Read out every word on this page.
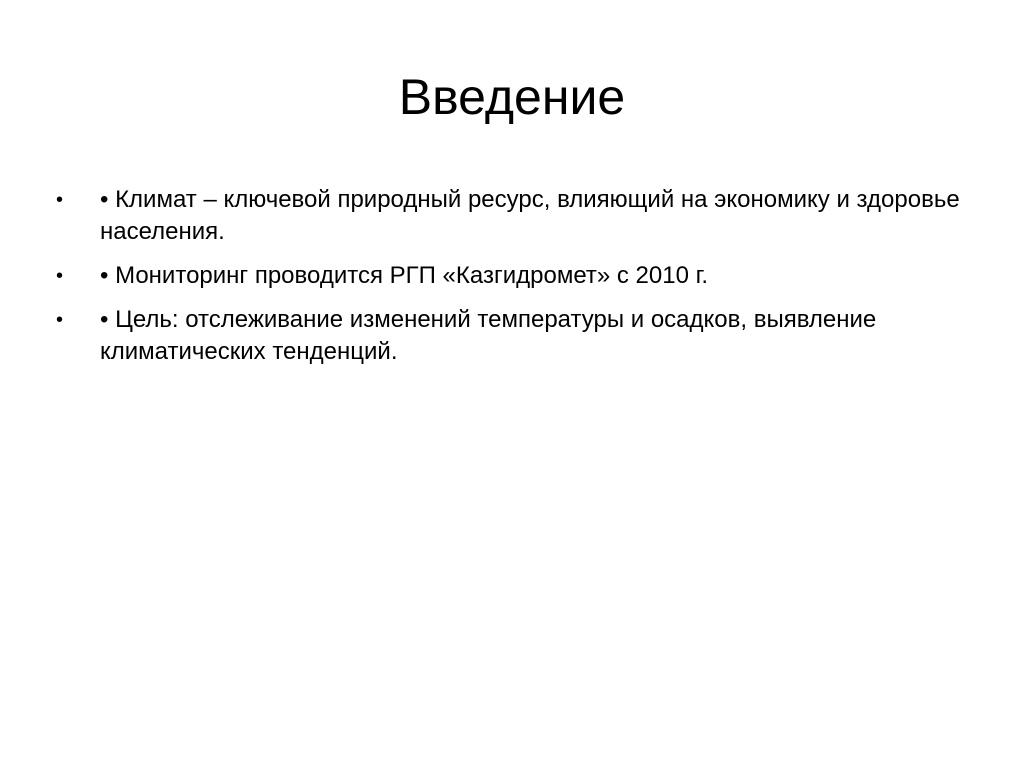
Введение
•	• Климат – ключевой природный ресурс, влияющий на экономику и здоровье населения.
•	• Мониторинг проводится РГП «Казгидромет» с 2010 г.
•	• Цель: отслеживание изменений температуры и осадков, выявление климатических тенденций.
